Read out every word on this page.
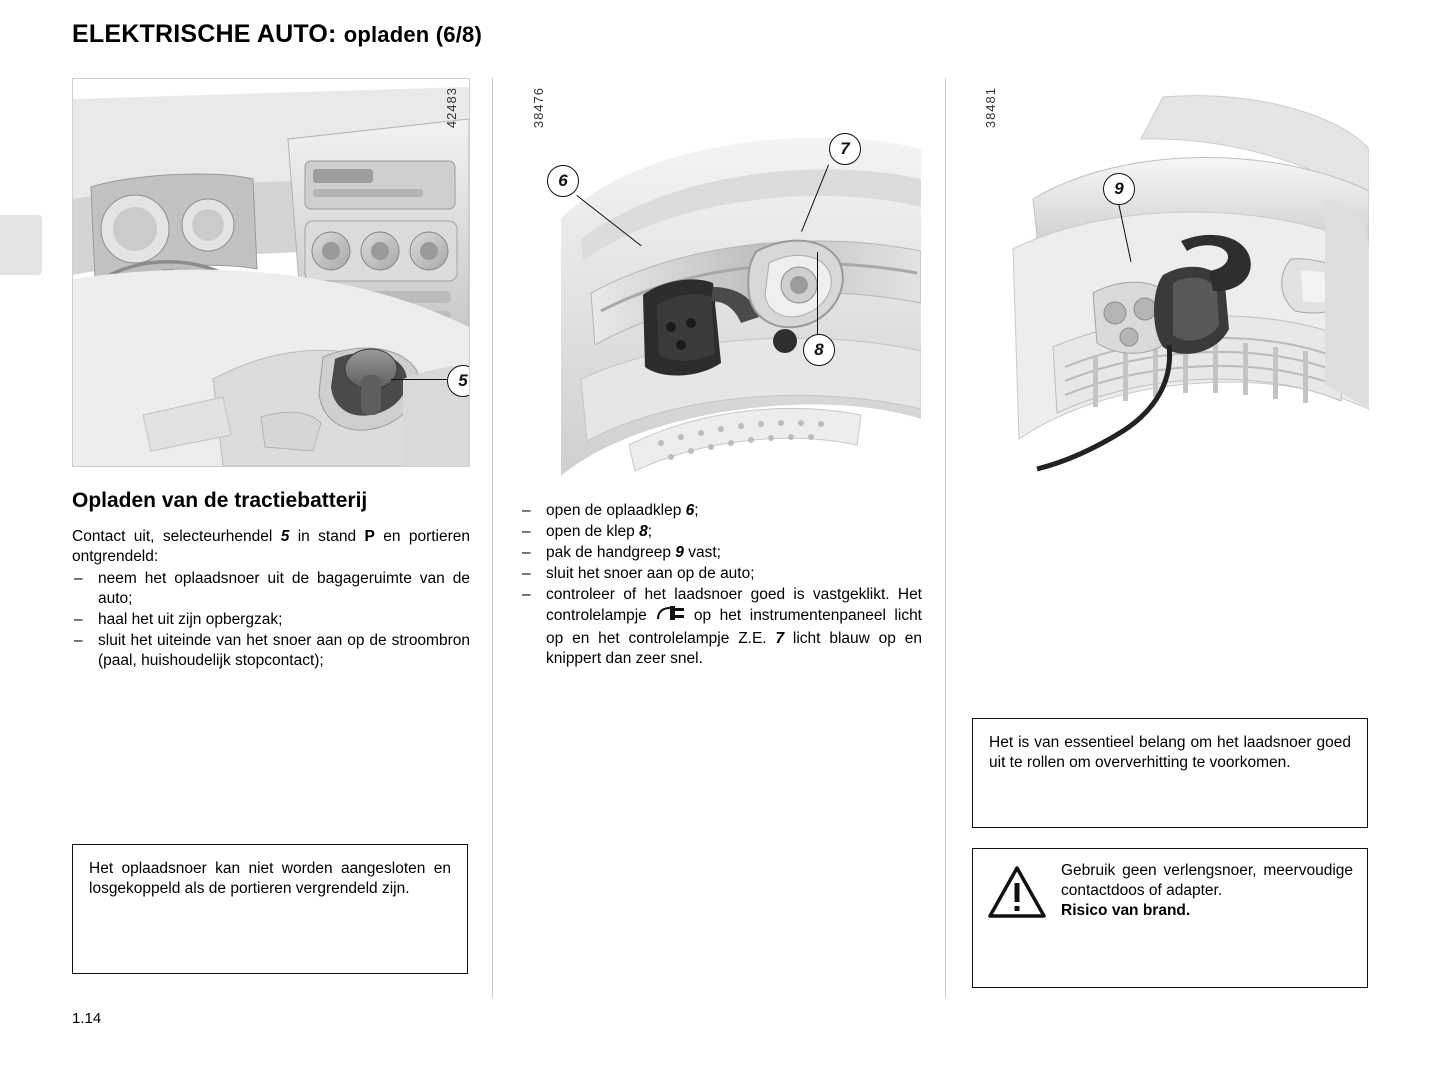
ELEKTRISCHE AUTO: opladen (6/8)
42483
5
Opladen van de tractiebatterij

Contact uit, selecteurhendel 5 in stand P en portieren ontgrendeld:

– neem het oplaadsnoer uit de bagageruimte van de auto;
– haal het uit zijn opbergzak;
– sluit het uiteinde van het snoer aan op de stroombron (paal, huishoudelijk stopcontact);

Het oplaadsnoer kan niet worden aangesloten en losgekoppeld als de portieren vergrendeld zijn.

38476
6
7
8
– open de oplaadklep 6;
– open de klep 8;
– pak de handgreep 9 vast;
– sluit het snoer aan op de auto;
– controleer of het laadsnoer goed is vastgeklikt. Het controlelampje  op het instrumentenpaneel licht op en het controlelampje Z.E. 7 licht blauw op en knippert dan zeer snel.
38481
9

Het is van essentieel belang om het laadsnoer goed uit te rollen om oververhitting te voorkomen.

Gebruik geen verlengsnoer, meervoudige contactdoos of adapter.

Risico van brand.

1.14
